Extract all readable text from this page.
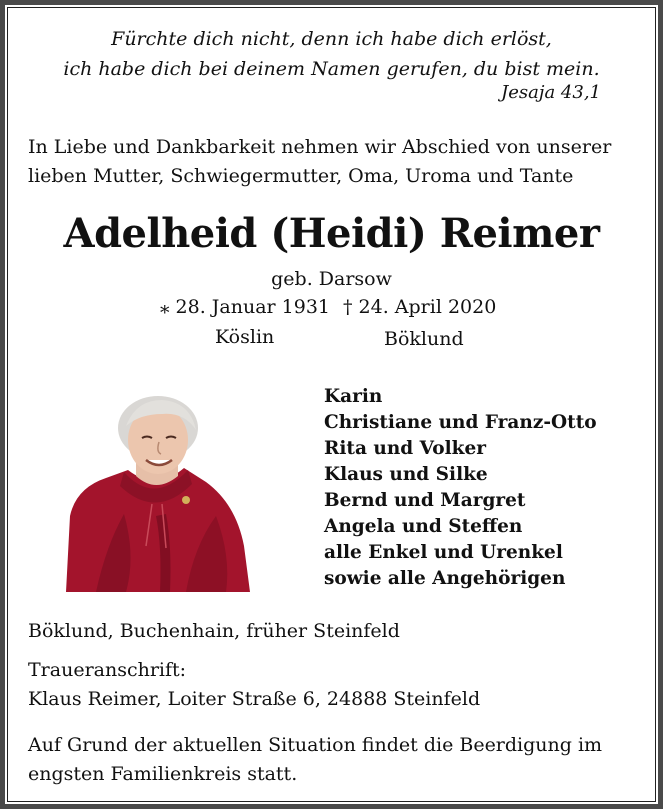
Fürchte dich nicht, denn ich habe dich erlöst,
ich habe dich bei deinem Namen gerufen, du bist mein.
Jesaja 43,1
In Liebe und Dankbarkeit nehmen wir Abschied von unserer
lieben Mutter, Schwiegermutter, Oma, Uroma und Tante
Adelheid (Heidi) Reimer
geb. Darsow
⁎ 28. Januar 1931 † 24. April 2020
Köslin	Böklund
Karin
Christiane und Franz-Otto
Rita und Volker
Klaus und Silke
Bernd und Margret
Angela und Steffen
alle Enkel und Urenkel
sowie alle Angehörigen
Böklund, Buchenhain, früher Steinfeld
Traueranschrift:
Klaus Reimer, Loiter Straße 6, 24888 Steinfeld
Auf Grund der aktuellen Situation findet die Beerdigung im
engsten Familienkreis statt.
